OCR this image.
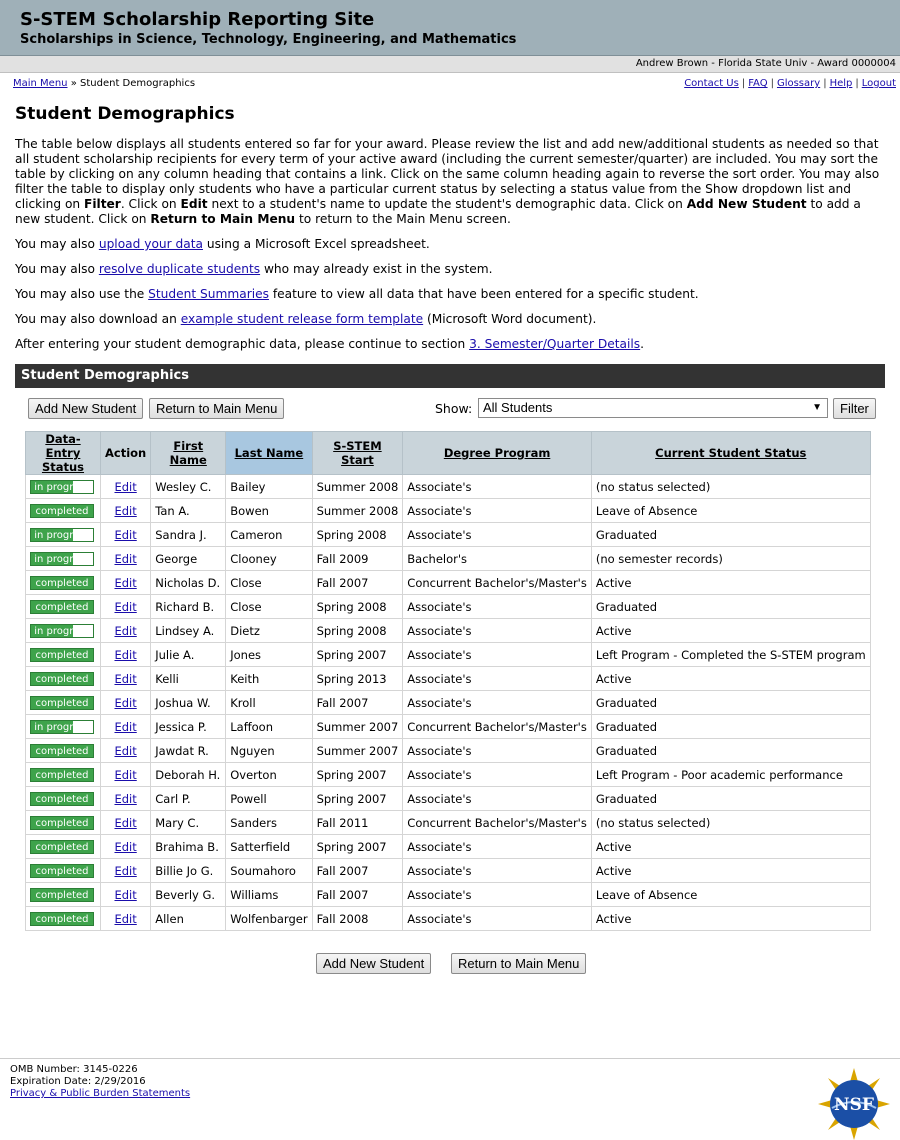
S-STEM Scholarship Reporting Site
Scholarships in Science, Technology, Engineering, and Mathematics
Andrew Brown - Florida State Univ - Award 0000004
Main Menu » Student Demographics	Contact Us | FAQ | Glossary | Help | Logout
Student Demographics

The table below displays all students entered so far for your award. Please review the list and add new/additional students as needed so that all student scholarship recipients for every term of your active award (including the current semester/quarter) are included. You may sort the table by clicking on any column heading that contains a link. Click on the same column heading again to reverse the sort order. You may also filter the table to display only students who have a particular current status by selecting a status value from the Show dropdown list and clicking on Filter. Click on Edit next to a student's name to update the student's demographic data. Click on Add New Student to add a new student. Click on Return to Main Menu to return to the Main Menu screen.

You may also upload your data using a Microsoft Excel spreadsheet.

You may also resolve duplicate students who may already exist in the system.

You may also use the Student Summaries feature to view all data that have been entered for a specific student.

You may also download an example student release form template (Microsoft Word document).

After entering your student demographic data, please continue to section 3. Semester/Quarter Details.

Student Demographics
Add New Student	Return to Main Menu	Show: All Students	▼	Filter
Data-Entry
Status	Action	First Name	Last Name	S-STEM Start	Degree Program	Current Student Status
in progress	Edit	Wesley C.	Bailey	Summer 2008	Associate's	(no status selected)
completed	Edit	Tan A.	Bowen	Summer 2008	Associate's	Leave of Absence
in progress	Edit	Sandra J.	Cameron	Spring 2008	Associate's	Graduated
in progress	Edit	George	Clooney	Fall 2009	Bachelor's	(no semester records)
completed	Edit	Nicholas D.	Close	Fall 2007	Concurrent Bachelor's/Master's	Active
completed	Edit	Richard B.	Close	Spring 2008	Associate's	Graduated
in progress	Edit	Lindsey A.	Dietz	Spring 2008	Associate's	Active
completed	Edit	Julie A.	Jones	Spring 2007	Associate's	Left Program - Completed the S-STEM program
completed	Edit	Kelli	Keith	Spring 2013	Associate's	Active
completed	Edit	Joshua W.	Kroll	Fall 2007	Associate's	Graduated
in progress	Edit	Jessica P.	Laffoon	Summer 2007	Concurrent Bachelor's/Master's	Graduated
completed	Edit	Jawdat R.	Nguyen	Summer 2007	Associate's	Graduated
completed	Edit	Deborah H.	Overton	Spring 2007	Associate's	Left Program - Poor academic performance
completed	Edit	Carl P.	Powell	Spring 2007	Associate's	Graduated
completed	Edit	Mary C.	Sanders	Fall 2011	Concurrent Bachelor's/Master's	(no status selected)
completed	Edit	Brahima B.	Satterfield	Spring 2007	Associate's	Active
completed	Edit	Billie Jo G.	Soumahoro	Fall 2007	Associate's	Active
completed	Edit	Beverly G.	Williams	Fall 2007	Associate's	Leave of Absence
completed	Edit	Allen	Wolfenbarger	Fall 2008	Associate's	Active
Add New Student	Return to Main Menu
OMB Number: 3145-0226
Expiration Date: 2/29/2016
Privacy & Public Burden Statements
NSF
